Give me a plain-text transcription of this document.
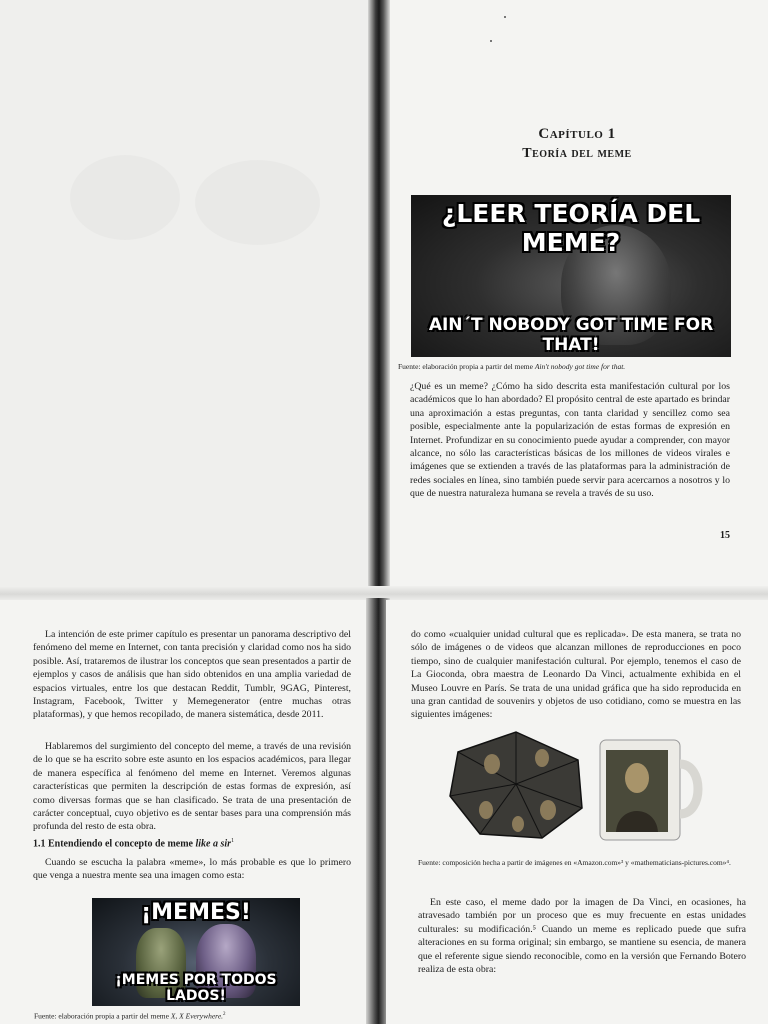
Capítulo 1
Teoría del meme
¿LEER TEORÍA DEL MEME?
AIN´T NOBODY GOT TIME FOR THAT!
Fuente: elaboración propia a partir del meme Ain't nobody got time for that.

¿Qué es un meme? ¿Cómo ha sido descrita esta manifestación cultural por los académicos que lo han abordado? El propósito central de este apartado es brindar una aproximación a estas preguntas, con tanta claridad y sencillez como sea posible, especialmente ante la popularización de estas formas de expresión en Internet. Profundizar en su conocimiento puede ayudar a comprender, con mayor alcance, no sólo las características básicas de los millones de videos virales e imágenes que se extienden a través de las plataformas para la administración de redes sociales en línea, sino también puede servir para acercarnos a nosotros y lo que de nuestra naturaleza humana se revela a través de su uso.

15

La intención de este primer capítulo es presentar un panorama descriptivo del fenómeno del meme en Internet, con tanta precisión y claridad como nos ha sido posible. Así, trataremos de ilustrar los conceptos que sean presentados a partir de ejemplos y casos de análisis que han sido obtenidos en una amplia variedad de espacios virtuales, entre los que destacan Reddit, Tumblr, 9GAG, Pinterest, Instagram, Facebook, Twitter y Memegenerator (entre muchas otras plataformas), y que hemos recopilado, de manera sistemática, desde 2011.

Hablaremos del surgimiento del concepto del meme, a través de una revisión de lo que se ha escrito sobre este asunto en los espacios académicos, para llegar de manera específica al fenómeno del meme en Internet. Veremos algunas características que permiten la descripción de estas formas de expresión, así como diversas formas que se han clasificado. Se trata de una presentación de carácter conceptual, cuyo objetivo es de sentar bases para una comprensión más profunda del resto de esta obra.

1.1 Entendiendo el concepto de meme like a sir$^1$

Cuando se escucha la palabra «meme», lo más probable es que lo primero que venga a nuestra mente sea una imagen como esta:

¡MEMES!
¡MEMES POR TODOS LADOS!
Fuente: elaboración propia a partir del meme X, X Everywhere.$^2$

do como «cualquier unidad cultural que es replicada». De esta manera, se trata no sólo de imágenes o de videos que alcanzan millones de reproducciones en poco tiempo, sino de cualquier manifestación cultural. Por ejemplo, tenemos el caso de La Gioconda, obra maestra de Leonardo Da Vinci, actualmente exhibida en el Museo Louvre en París. Se trata de una unidad gráfica que ha sido reproducida en una gran cantidad de souvenirs y objetos de uso cotidiano, como se muestra en las siguientes imágenes:

Fuente: composición hecha a partir de imágenes en «Amazon.com»³ y «mathematicians-pictures.com»⁴.

En este caso, el meme dado por la imagen de Da Vinci, en ocasiones, ha atravesado también por un proceso que es muy frecuente en estas unidades culturales: su modificación.⁵ Cuando un meme es replicado puede que sufra alteraciones en su forma original; sin embargo, se mantiene su esencia, de manera que el referente sigue siendo reconocible, como en la versión que Fernando Botero realiza de esta obra:
